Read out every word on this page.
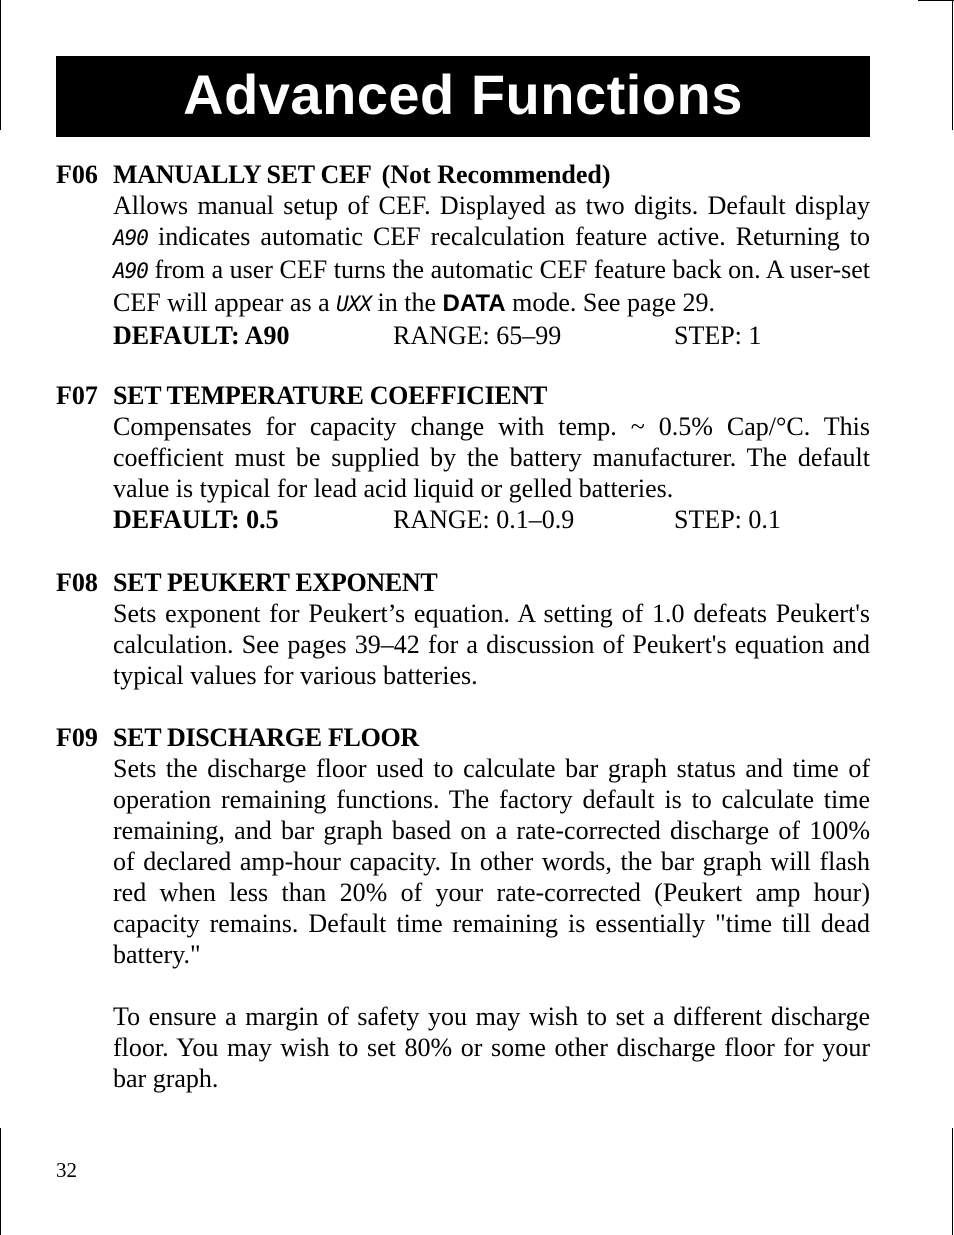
Advanced Functions
F06 MANUALLY SET CEF (Not Recommended)
Allows manual setup of CEF. Displayed as two digits. Default display A90 indicates automatic CEF recalculation feature active. Returning to A90 from a user CEF turns the automatic CEF feature back on. A user-set CEF will appear as a UXX in the DATA mode. See page 29.
DEFAULT: A90	RANGE: 65–99	STEP: 1
F07 SET TEMPERATURE COEFFICIENT

Compensates for capacity change with temp. ~ 0.5% Cap/°C. This coefficient must be supplied by the battery manufacturer. The default value is typical for lead acid liquid or gelled batteries.

DEFAULT: 0.5	RANGE: 0.1–0.9	STEP: 0.1
F08 SET PEUKERT EXPONENT

Sets exponent for Peukert’s equation. A setting of 1.0 defeats Peukert's calculation. See pages 39–42 for a discussion of Peukert's equation and typical values for various batteries.

F09 SET DISCHARGE FLOOR

Sets the discharge floor used to calculate bar graph status and time of operation remaining functions. The factory default is to calculate time remaining, and bar graph based on a rate-corrected discharge of 100% of declared amp-hour capacity. In other words, the bar graph will flash red when less than 20% of your rate-corrected (Peukert amp hour) capacity remains. Default time remaining is essentially "time till dead battery."

To ensure a margin of safety you may wish to set a different discharge floor. You may wish to set 80% or some other discharge floor for your bar graph.

32
